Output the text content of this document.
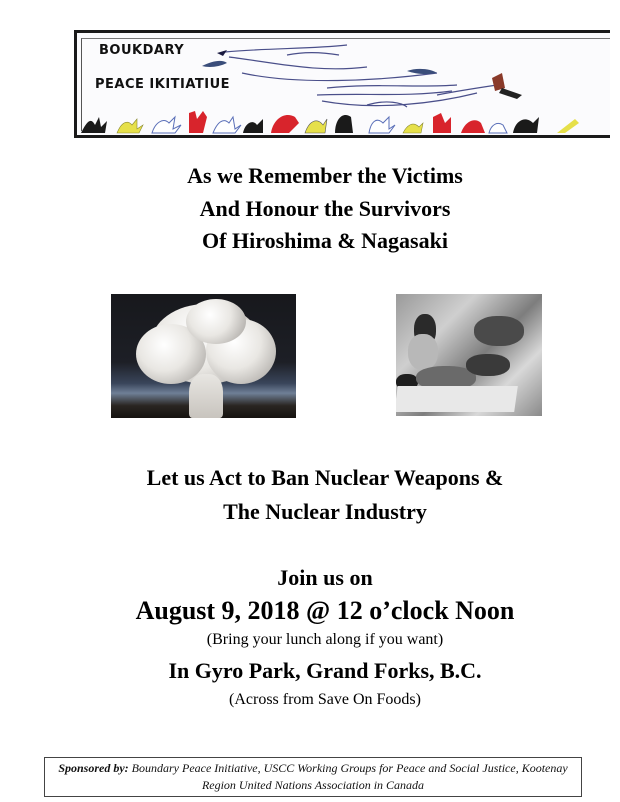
BOUKDARY
PEACE IKITIATIUE
As we Remember the Victims
And Honour the Survivors
Of Hiroshima & Nagasaki
Let us Act to Ban Nuclear Weapons &
The Nuclear Industry
Join us on
August 9, 2018 @ 12 o’clock Noon
(Bring your lunch along if you want)
In Gyro Park, Grand Forks, B.C.
(Across from Save On Foods)
Sponsored by: Boundary Peace Initiative, USCC Working Groups for Peace and Social Justice, Kootenay
Region United Nations Association in Canada
